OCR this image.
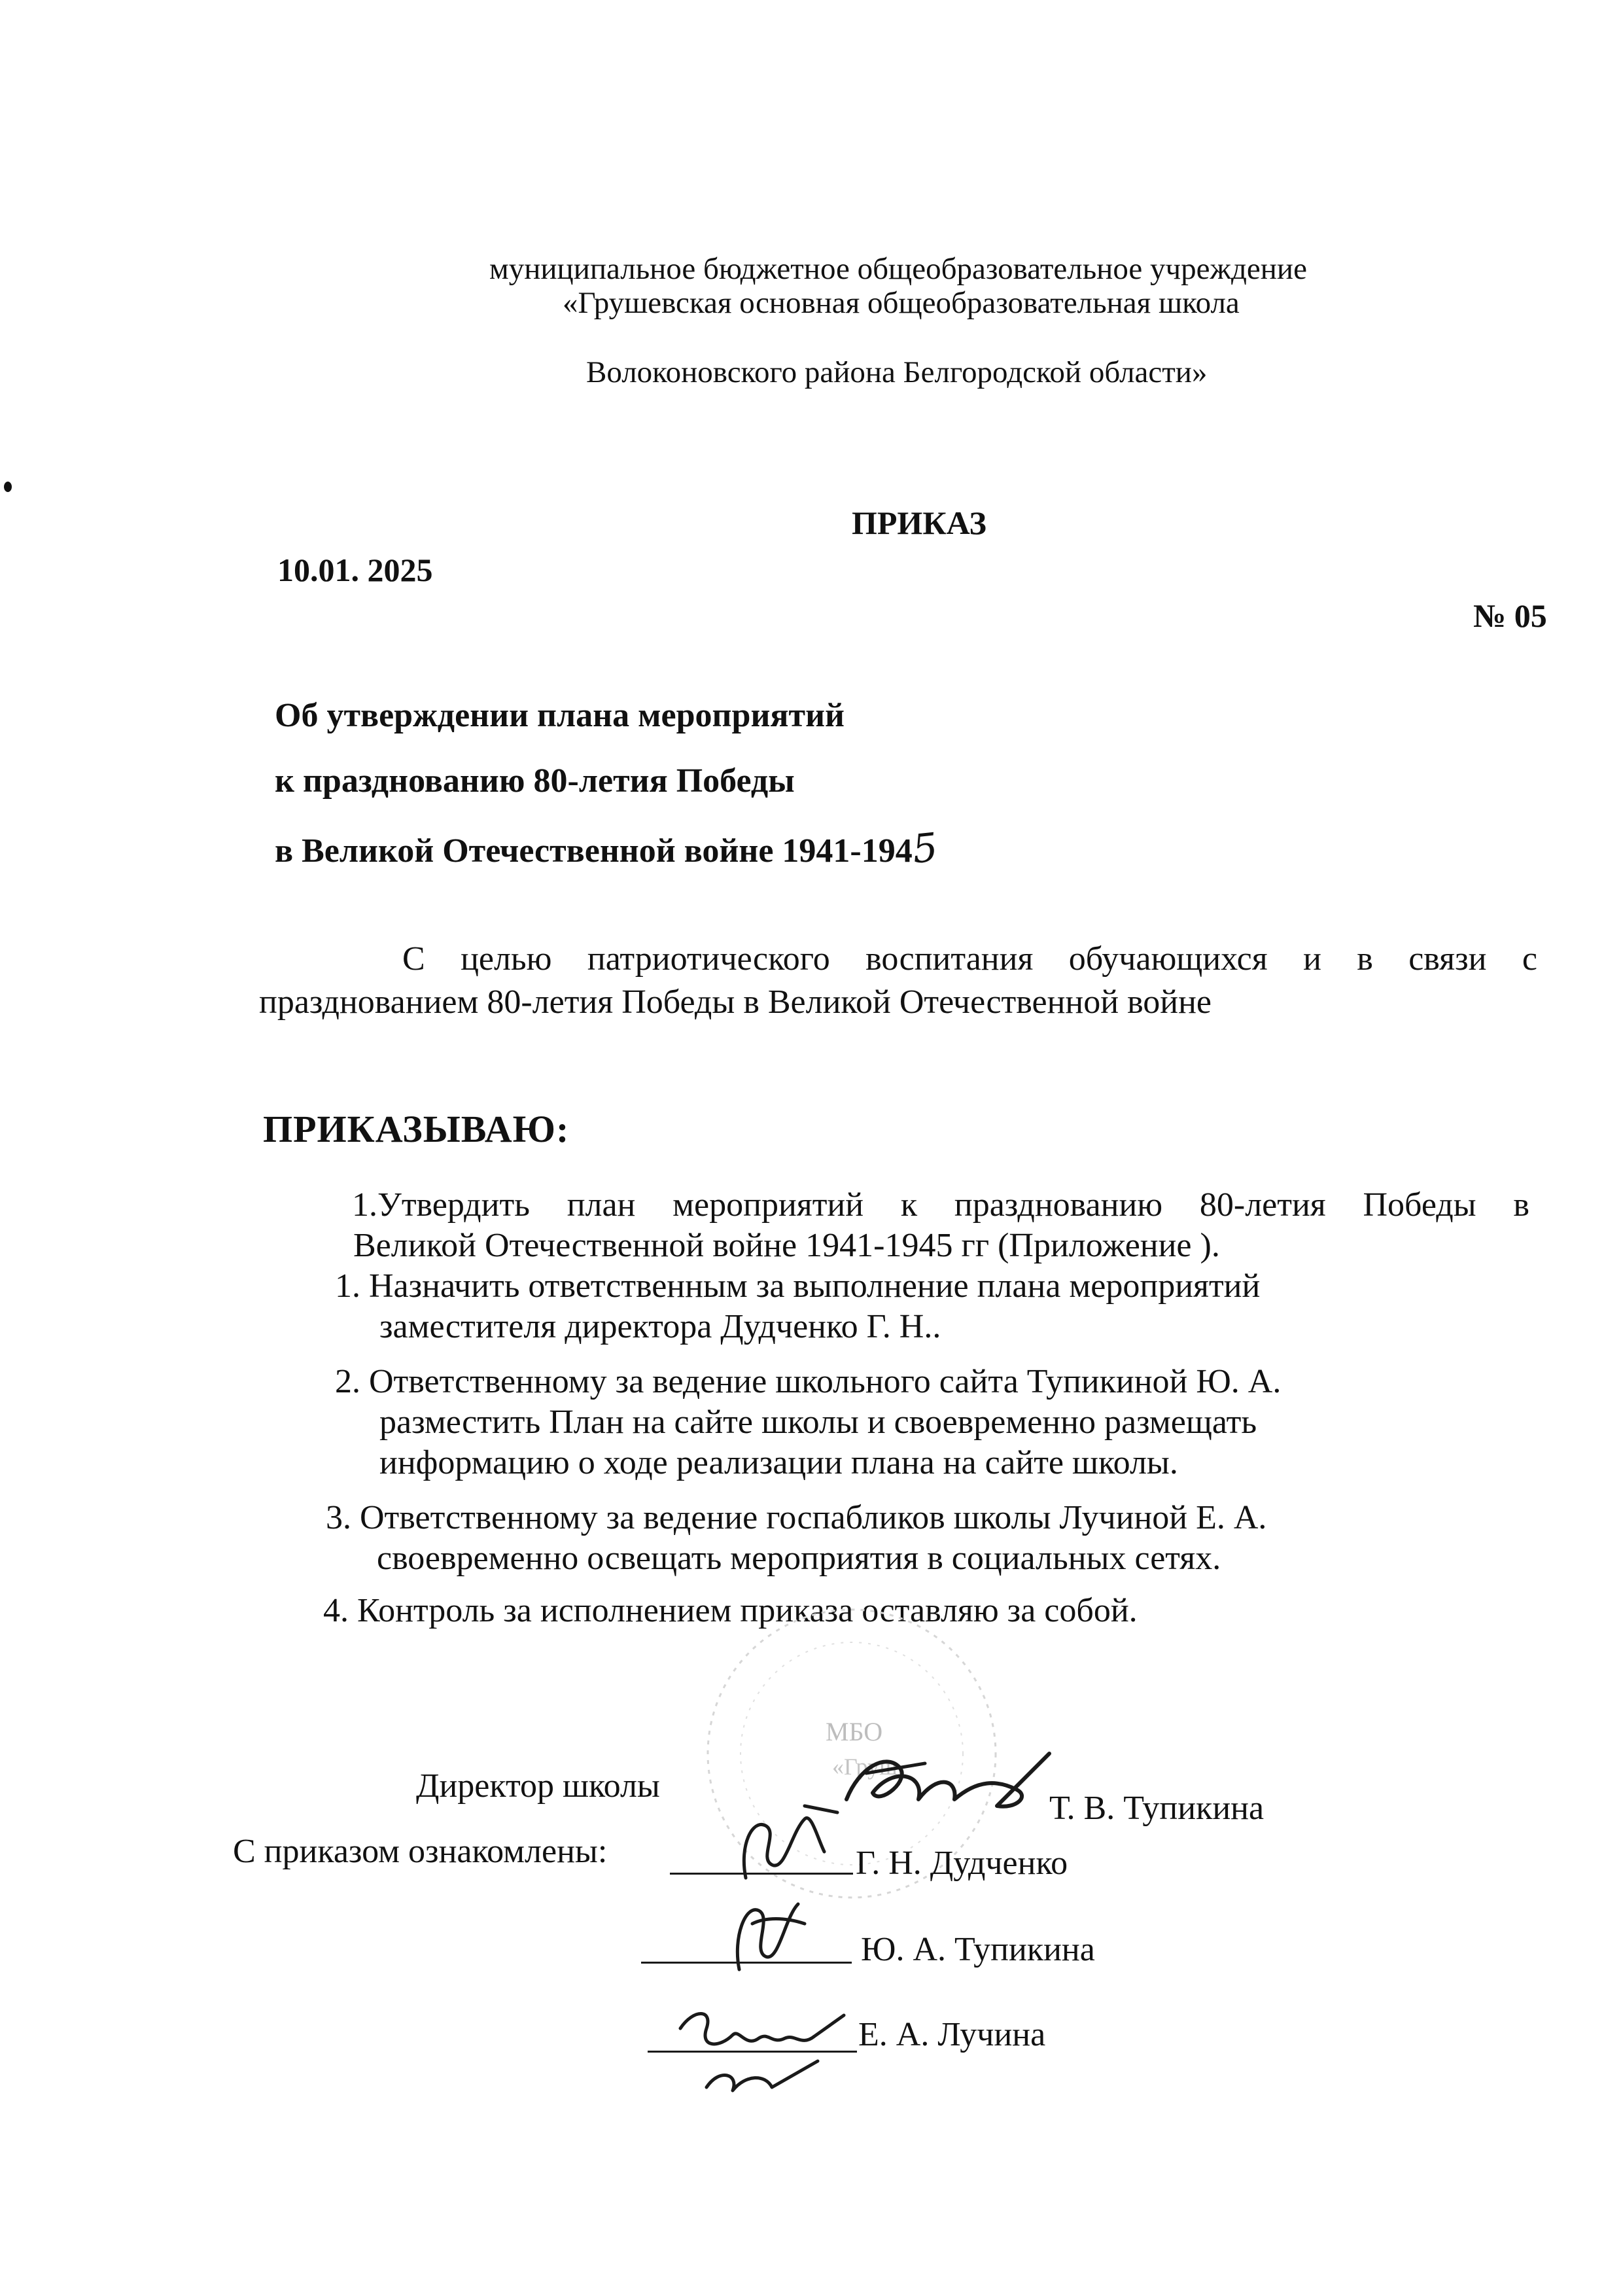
муниципальное бюджетное общеобразовательное учреждение
«Грушевская основная общеобразовательная школа
Волоконовского района Белгородской области»
ПРИКАЗ
10.01. 2025
№ 05
Об утверждении плана мероприятий
к празднованию 80-летия Победы
в Великой Отечественной войне 1941-1945
С целью патриотического воспитания обучающихся и в связи с
празднованием 80-летия Победы в Великой Отечественной войне
ПРИКАЗЫВАЮ:
1.Утвердить план мероприятий к празднованию 80-летия Победы в
Великой Отечественной войне 1941-1945 гг (Приложение ).
1. Назначить ответственным за выполнение плана мероприятий
заместителя директора Дудченко Г. Н..
2. Ответственному за ведение школьного сайта Тупикиной Ю. А.
разместить План на сайте школы и своевременно размещать
информацию о ходе реализации плана на сайте школы.
3. Ответственному за ведение госпабликов школы Лучиной Е. А.
своевременно освещать мероприятия в социальных сетях.
4. Контроль за исполнением приказа оставляю за собой.
МБО
«Груш
Директор школы
Т. В. Тупикина
С приказом ознакомлены:	Г. Н. Дудченко
Ю. А. Тупикина
Е. А. Лучина
